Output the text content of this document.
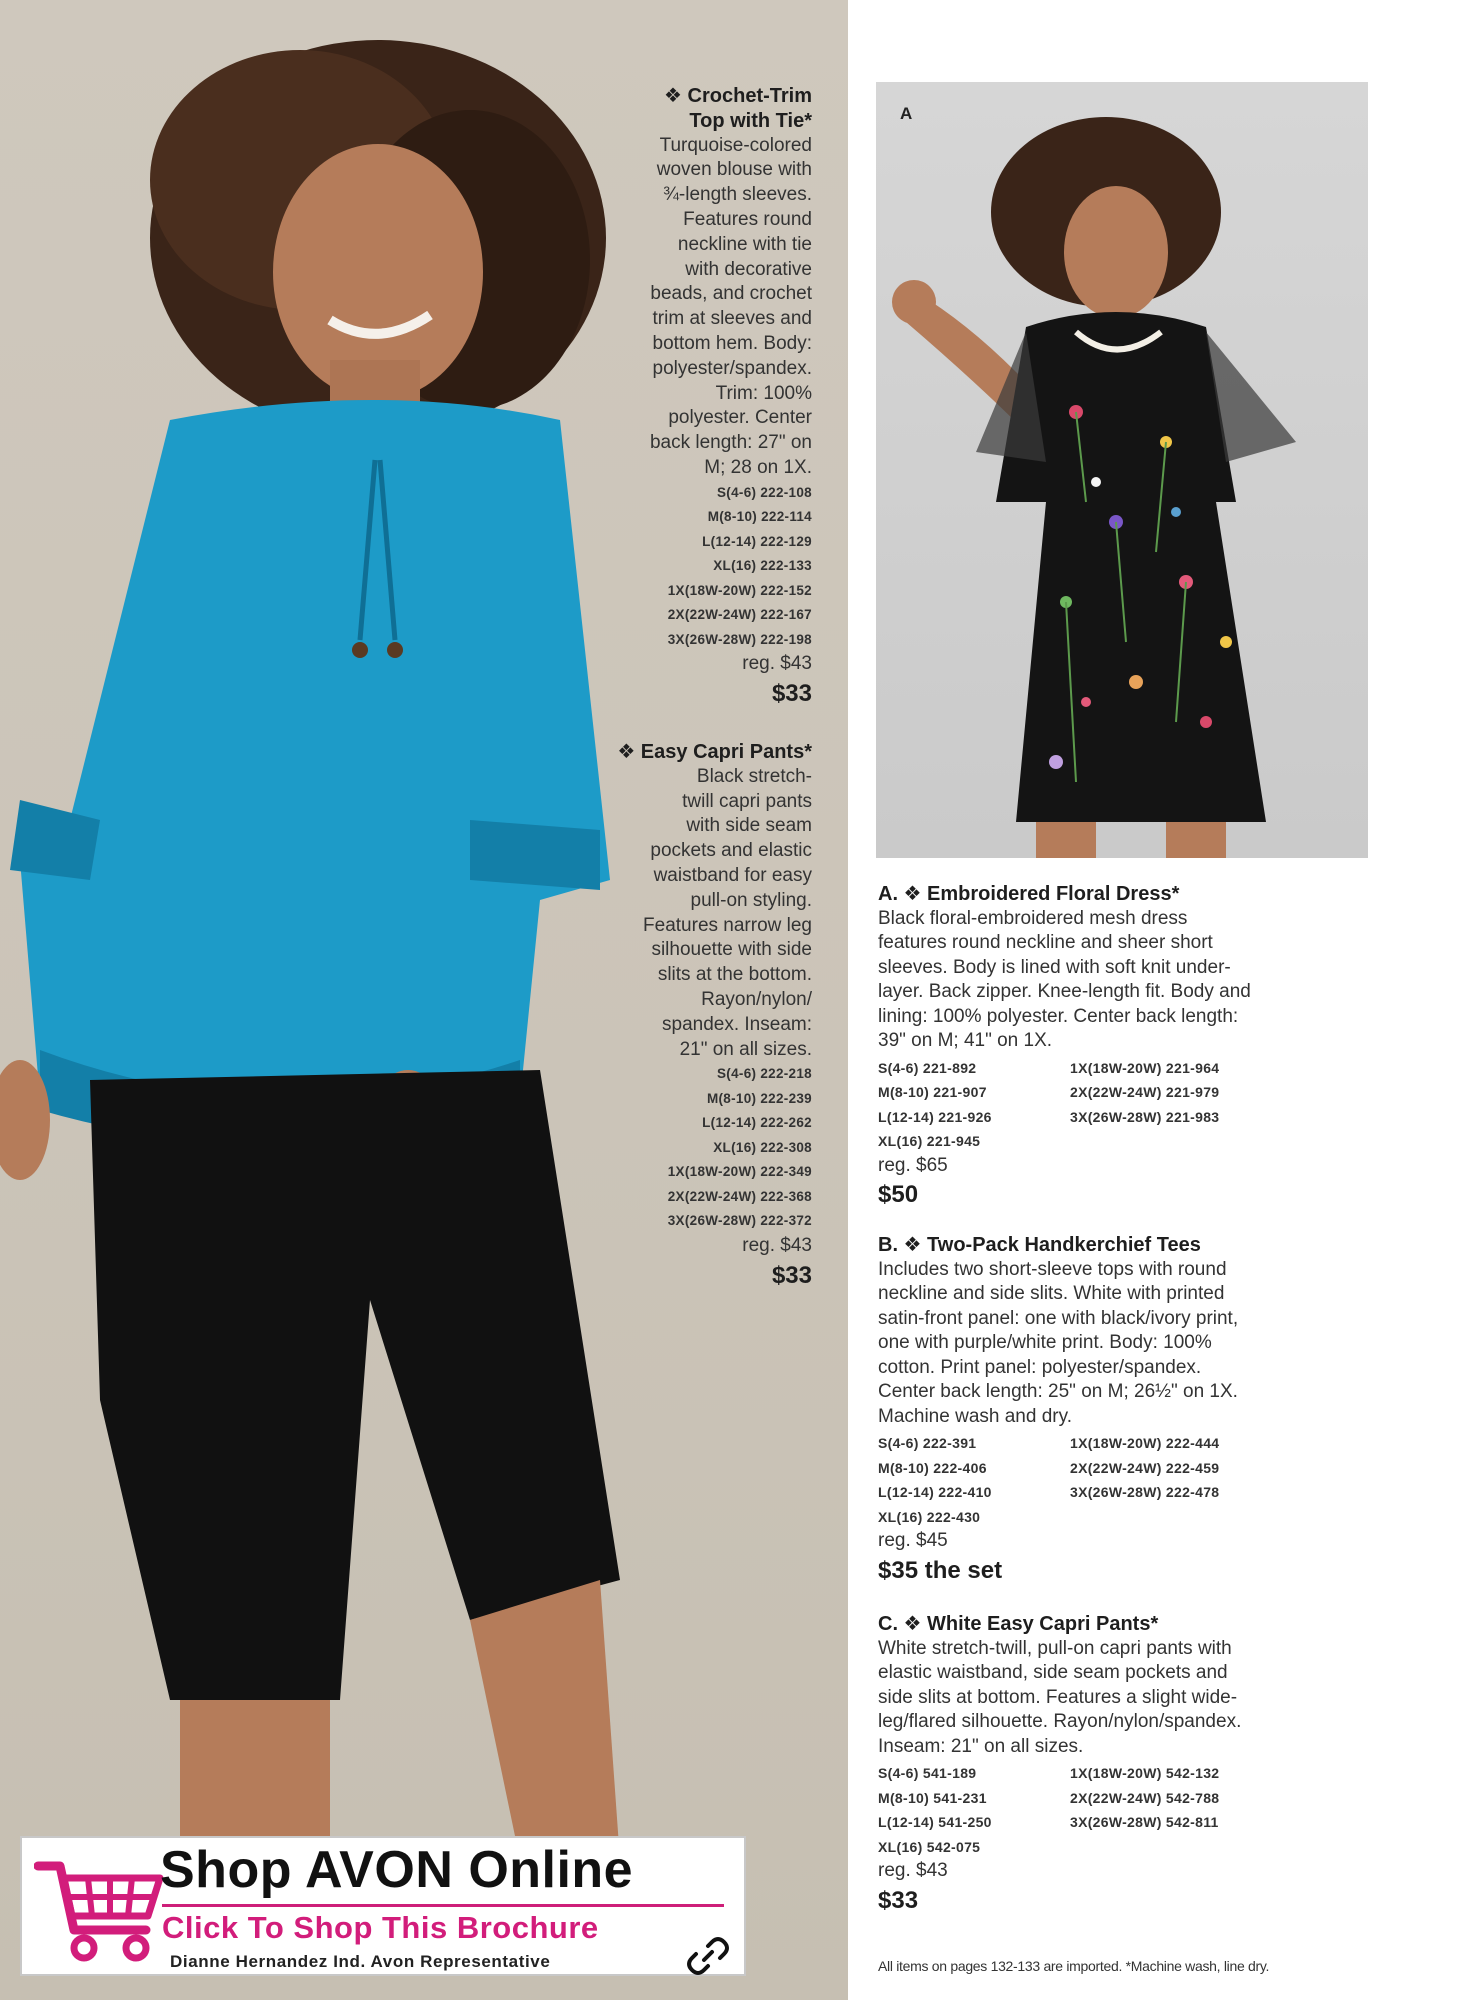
❖ Crochet-Trim
Top with Tie*
Turquoise-colored
woven blouse with
¾-length sleeves.
Features round
neckline with tie
with decorative
beads, and crochet
trim at sleeves and
bottom hem. Body:
polyester/spandex.
Trim: 100%
polyester. Center
back length: 27" on
M; 28 on 1X.
S(4-6) 222-108
M(8-10) 222-114
L(12-14) 222-129
XL(16) 222-133
1X(18W-20W) 222-152
2X(22W-24W) 222-167
3X(26W-28W) 222-198
reg. $43
$33
❖ Easy Capri Pants*
Black stretch-
twill capri pants
with side seam
pockets and elastic
waistband for easy
pull-on styling.
Features narrow leg
silhouette with side
slits at the bottom.
Rayon/nylon/
spandex. Inseam:
21" on all sizes.
S(4-6) 222-218
M(8-10) 222-239
L(12-14) 222-262
XL(16) 222-308
1X(18W-20W) 222-349
2X(22W-24W) 222-368
3X(26W-28W) 222-372
reg. $43
$33
A
A. ❖ Embroidered Floral Dress*
Black floral-embroidered mesh dress
features round neckline and sheer short
sleeves. Body is lined with soft knit under-
layer. Back zipper. Knee-length fit. Body and
lining: 100% polyester. Center back length:
39" on M; 41" on 1X.
S(4-6) 221-892	1X(18W-20W) 221-964
M(8-10) 221-907	2X(22W-24W) 221-979
L(12-14) 221-926	3X(26W-28W) 221-983
XL(16) 221-945
reg. $65
$50
B. ❖ Two-Pack Handkerchief Tees
Includes two short-sleeve tops with round
neckline and side slits. White with printed
satin-front panel: one with black/ivory print,
one with purple/white print. Body: 100%
cotton. Print panel: polyester/spandex.
Center back length: 25" on M; 26½" on 1X.
Machine wash and dry.
S(4-6) 222-391	1X(18W-20W) 222-444
M(8-10) 222-406	2X(22W-24W) 222-459
L(12-14) 222-410	3X(26W-28W) 222-478
XL(16) 222-430
reg. $45
$35 the set
C. ❖ White Easy Capri Pants*
White stretch-twill, pull-on capri pants with
elastic waistband, side seam pockets and
side slits at bottom. Features a slight wide-
leg/flared silhouette. Rayon/nylon/spandex.
Inseam: 21" on all sizes.
S(4-6) 541-189	1X(18W-20W) 542-132
M(8-10) 541-231	2X(22W-24W) 542-788
L(12-14) 541-250	3X(26W-28W) 542-811
XL(16) 542-075
reg. $43
$33
All items on pages 132-133 are imported. *Machine wash, line dry.
Shop AVON Online
Click To Shop This Brochure
Dianne Hernandez Ind. Avon Representative
